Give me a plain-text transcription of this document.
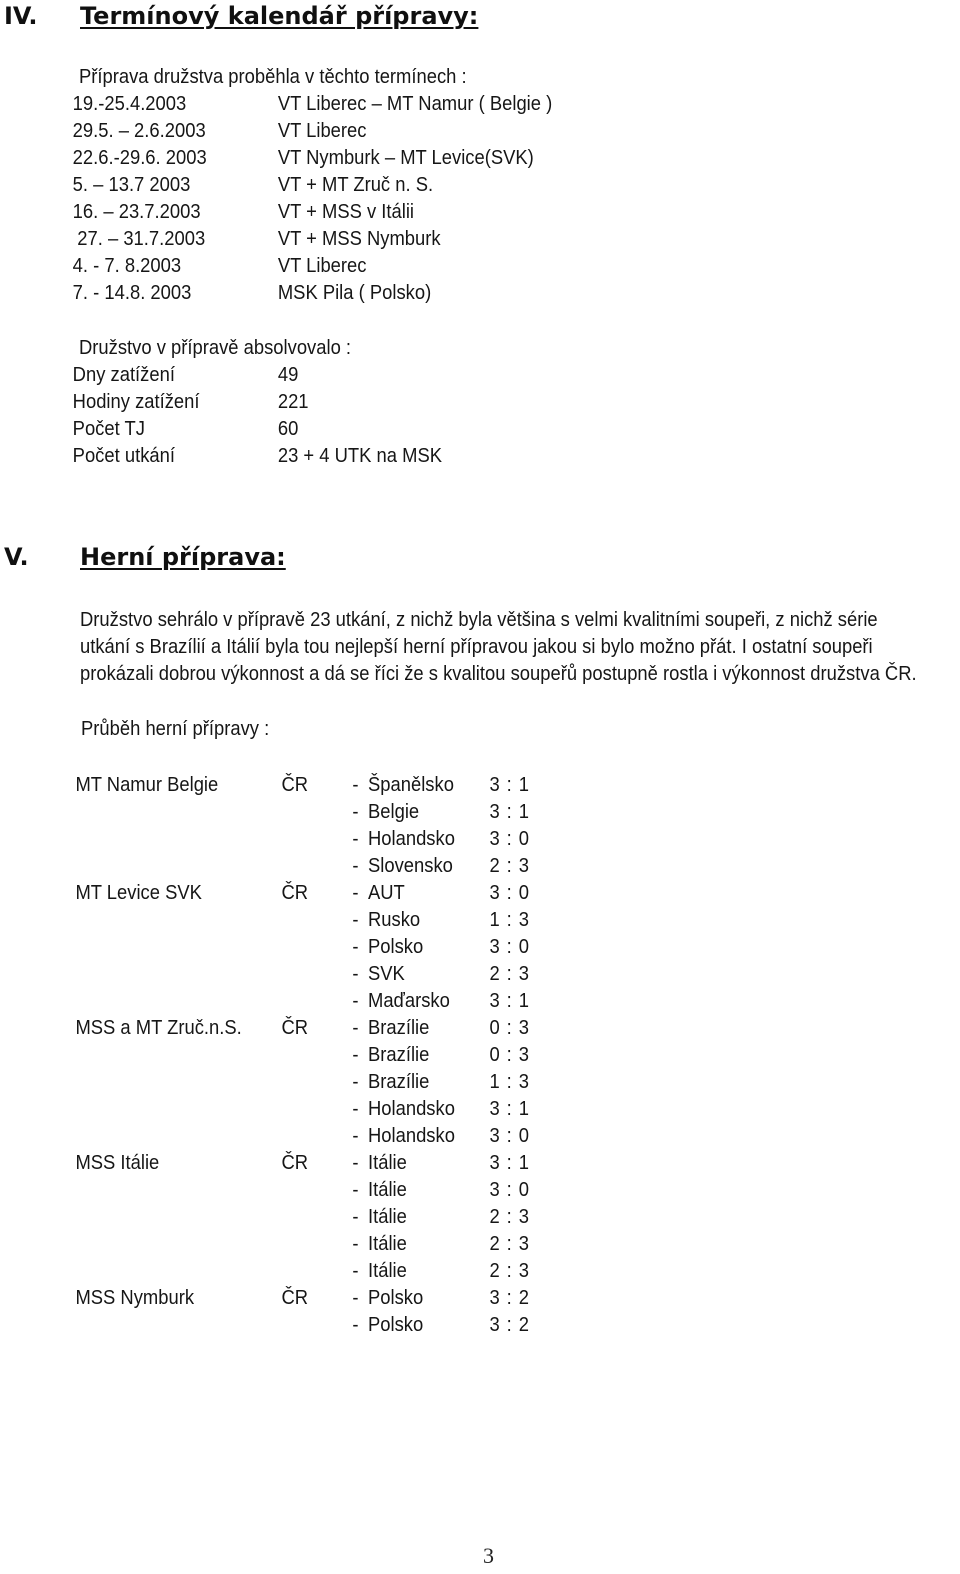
IV. Termínový kalendář přípravy:
Příprava družstva proběhla v těchto termínech :
19.-25.4.2003	VT Liberec – MT Namur ( Belgie )
29.5. – 2.6.2003	VT Liberec
22.6.-29.6. 2003	VT Nymburk – MT Levice(SVK)
5. – 13.7 2003	VT + MT Zruč n. S.
16. – 23.7.2003	VT + MSS v Itálii
27. – 31.7.2003	VT + MSS Nymburk
4. - 7. 8.2003	VT Liberec
7. - 14.8. 2003	MSK Pila ( Polsko)
Družstvo v přípravě absolvovalo :
Dny zatížení	49
Hodiny zatížení	221
Počet TJ	60
Počet utkání	23 + 4 UTK na MSK
V. Herní příprava:
Družstvo sehrálo v přípravě 23 utkání, z nichž byla většina s velmi kvalitními soupeři, z nichž série
utkání s Brazílií a Itálií byla tou nejlepší herní přípravou jakou si bylo možno přát. I ostatní soupeři
prokázali dobrou výkonnost a dá se říci že s kvalitou soupeřů postupně rostla i výkonnost družstva ČR.
Průběh herní přípravy :
MT Namur Belgie	ČR - Španělsko 3 : 1
- Belgie	3 : 1
- Holandsko 3 : 0
- Slovensko 2 : 3
MT Levice SVK	ČR - AUT	3 : 0
- Rusko	1 : 3
- Polsko	3 : 0
- SVK	2 : 3
- Maďarsko 3 : 1
MSS a MT Zruč.n.S. ČR - Brazílie	0 : 3
- Brazílie	0 : 3
- Brazílie	1 : 3
- Holandsko 3 : 1
- Holandsko 3 : 0
MSS Itálie	ČR - Itálie	3 : 1
- Itálie	3 : 0
- Itálie	2 : 3
- Itálie	2 : 3
- Itálie	2 : 3
MSS Nymburk	ČR - Polsko	3 : 2
- Polsko	3 : 2
3
